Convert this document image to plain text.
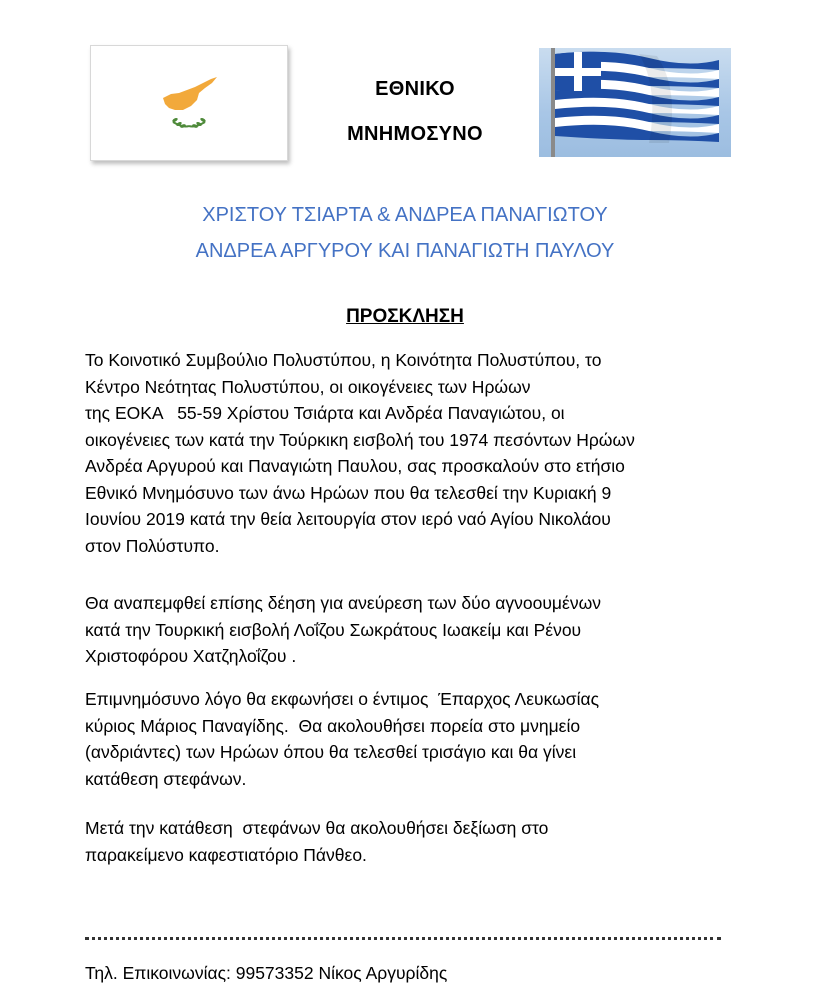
ΕΘΝΙΚΟ

ΜΝΗΜΟΣΥΝΟ

ΧΡΙΣΤΟΥ ΤΣΙΑΡΤΑ & ΑΝΔΡΕΑ ΠΑΝΑΓΙΩΤΟΥ

ΑΝΔΡΕΑ ΑΡΓΥΡΟΥ ΚΑΙ ΠΑΝΑΓΙΩΤΗ ΠΑΥΛΟΥ

ΠΡΟΣΚΛΗΣΗ

Το Κοινοτικό Συμβούλιο Πολυστύπου, η Κοινότητα Πολυστύπου, το
Κέντρο Νεότητας Πολυστύπου, οι οικογένειες των Ηρώων
της ΕΟΚΑ   55-59 Χρίστου Τσιάρτα και Ανδρέα Παναγιώτου, οι
οικογένειες των κατά την Τούρκικη εισβολή του 1974 πεσόντων Ηρώων
Ανδρέα Αργυρού και Παναγιώτη Παυλου, σας προσκαλούν στο ετήσιο
Εθνικό Μνημόσυνο των άνω Ηρώων που θα τελεσθεί την Κυριακή 9
Ιουνίου 2019 κατά την θεία λειτουργία στον ιερό ναό Αγίου Νικολάου
στον Πολύστυπο.
Θα αναπεμφθεί επίσης δέηση για ανεύρεση των δύο αγνοουμένων
κατά την Τουρκική εισβολή Λοΐζου Σωκράτους Ιωακείμ και Ρένου
Χριστοφόρου Χατζηλοΐζου .
Επιμνημόσυνο λόγο θα εκφωνήσει ο έντιμος  Έπαρχος Λευκωσίας
κύριος Μάριος Παναγίδης.  Θα ακολουθήσει πορεία στο μνημείο
(ανδριάντες) των Ηρώων όπου θα τελεσθεί τρισάγιο και θα γίνει
κατάθεση στεφάνων.
Μετά την κατάθεση  στεφάνων θα ακολουθήσει δεξίωση στο
παρακείμενο καφεστιατόριο Πάνθεο.

Τηλ. Επικοινωνίας: 99573352 Νίκος Αργυρίδης
